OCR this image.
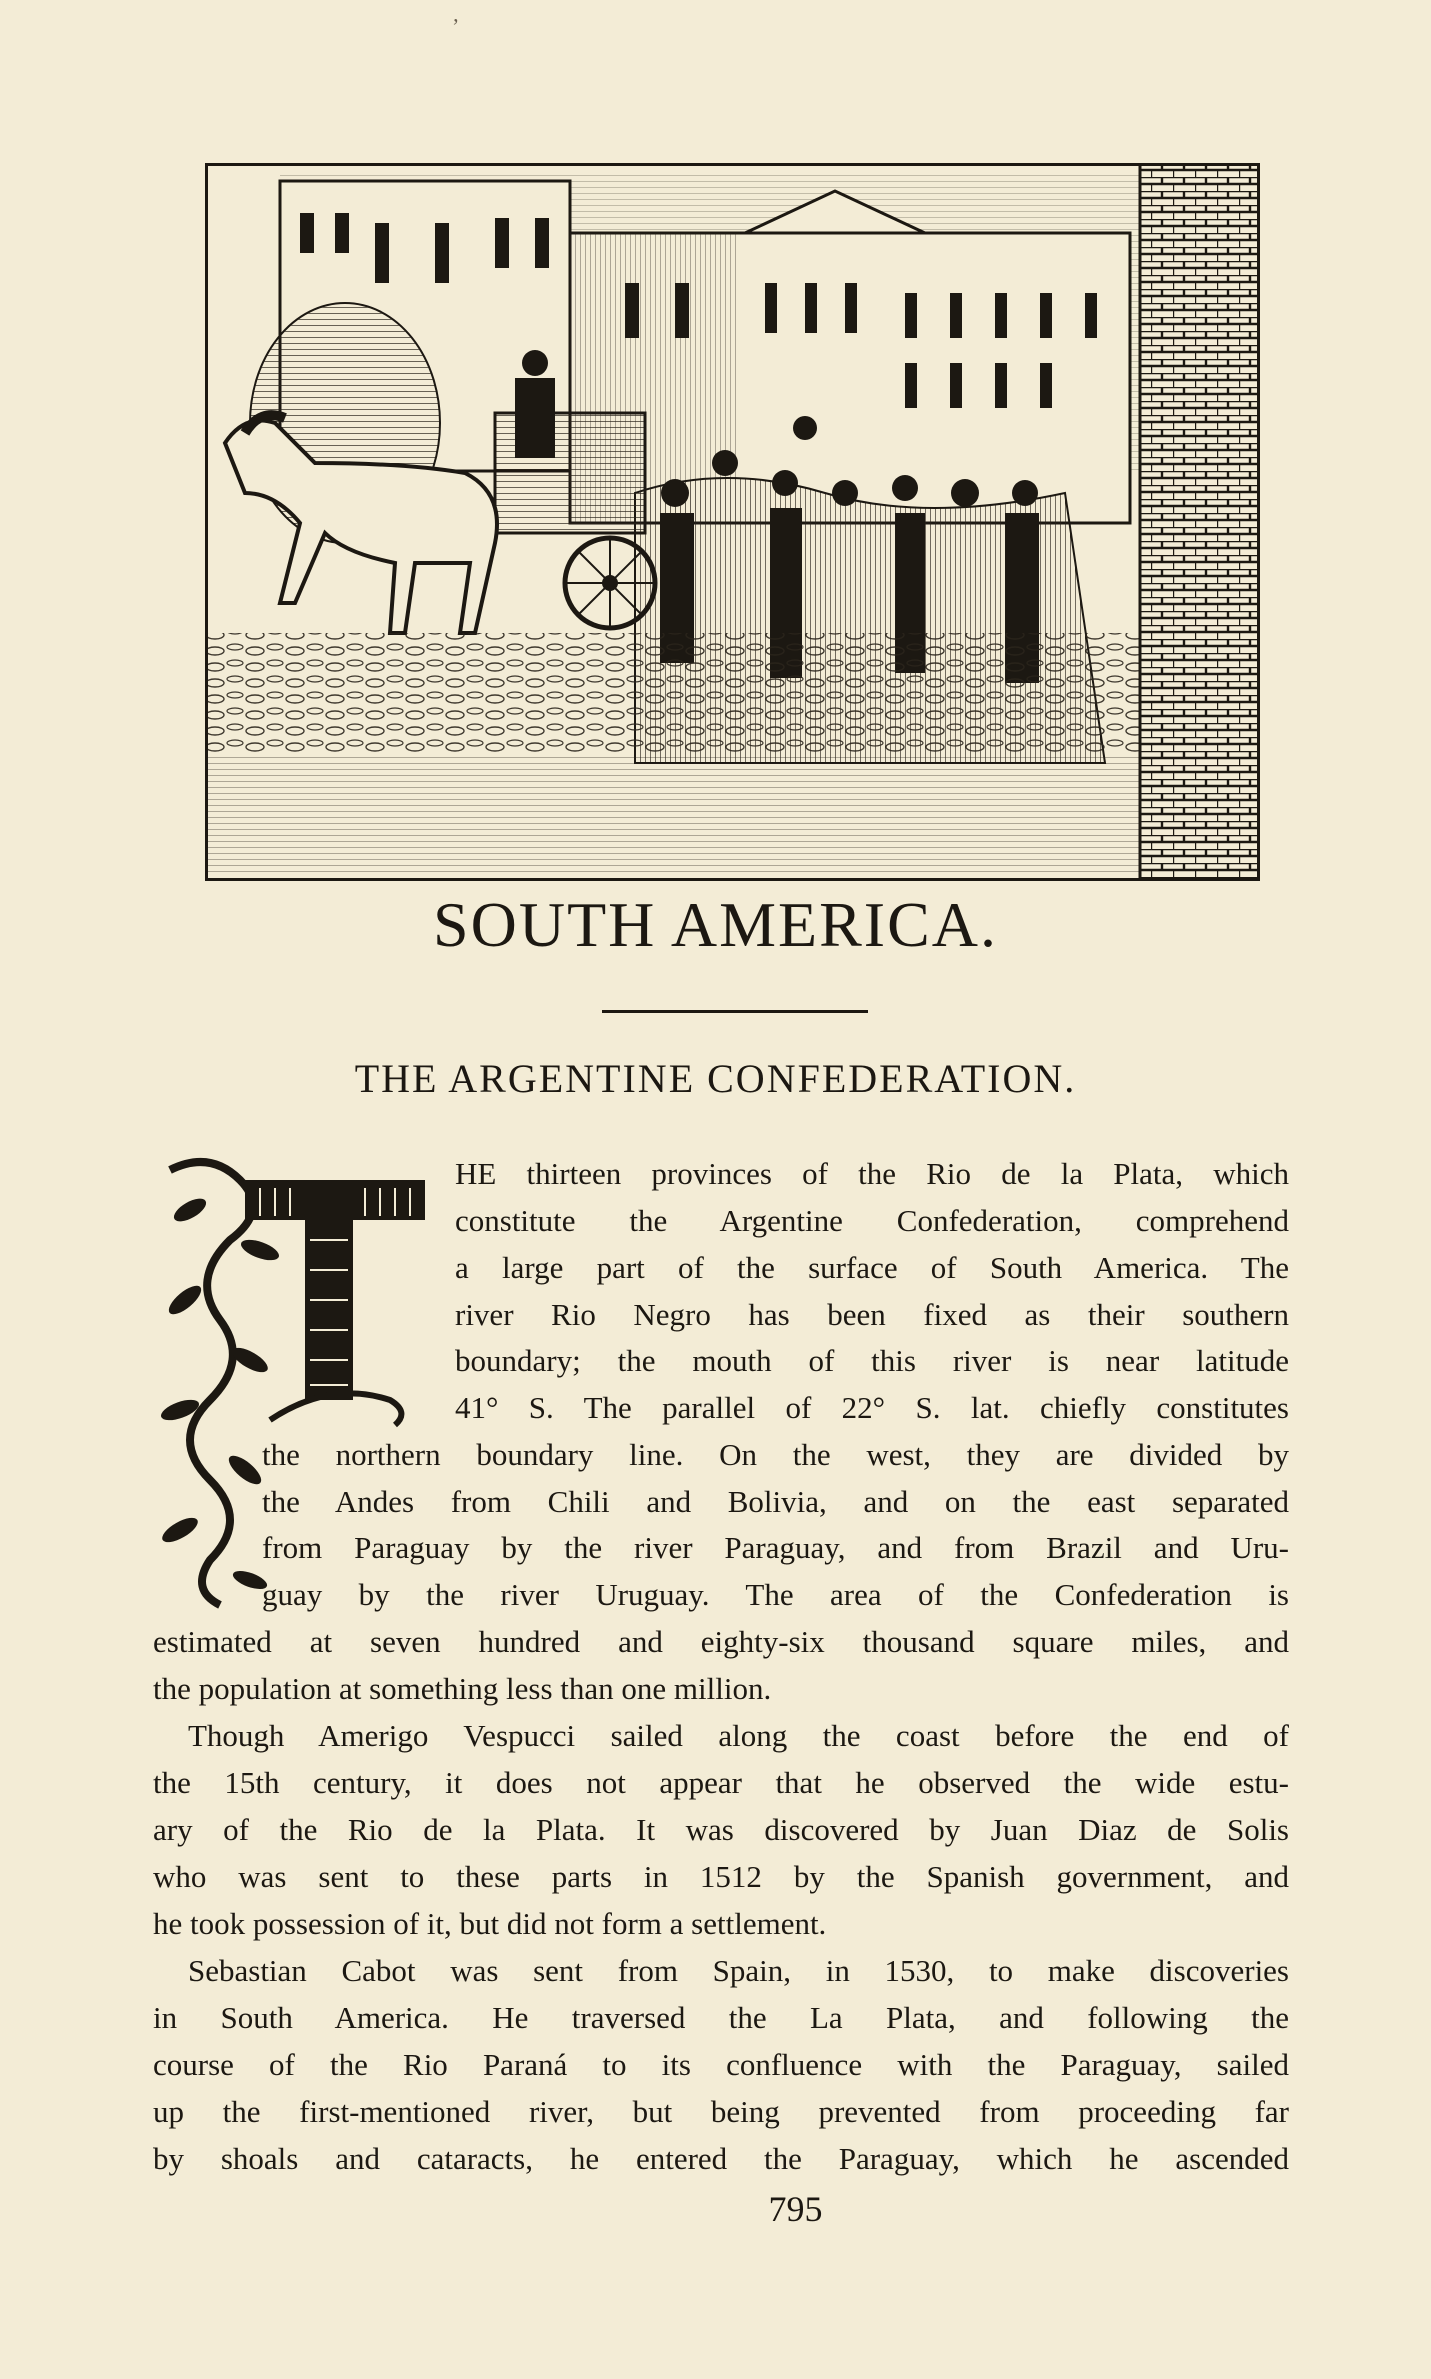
ʼ
SOUTH AMERICA.
THE ARGENTINE CONFEDERATION.
HE thirteen provinces of the Rio de la Plata, which
constitute the Argentine Confederation, comprehend
a large part of the surface of South America. The
river Rio Negro has been fixed as their southern
boundary; the mouth of this river is near latitude
41° S. The parallel of 22° S. lat. chiefly constitutes
the northern boundary line. On the west, they are divided by
the Andes from Chili and Bolivia, and on the east separated
from Paraguay by the river Paraguay, and from Brazil and Uru-
guay by the river Uruguay. The area of the Confederation is
estimated at seven hundred and eighty-six thousand square miles, and
the population at something less than one million.
Though Amerigo Vespucci sailed along the coast before the end of
the 15th century, it does not appear that he observed the wide estu-
ary of the Rio de la Plata. It was discovered by Juan Diaz de Solis
who was sent to these parts in 1512 by the Spanish government, and
he took possession of it, but did not form a settlement.
Sebastian Cabot was sent from Spain, in 1530, to make discoveries
in South America. He traversed the La Plata, and following the
course of the Rio Paraná to its confluence with the Paraguay, sailed
up the first-mentioned river, but being prevented from proceeding far
by shoals and cataracts, he entered the Paraguay, which he ascended
795
